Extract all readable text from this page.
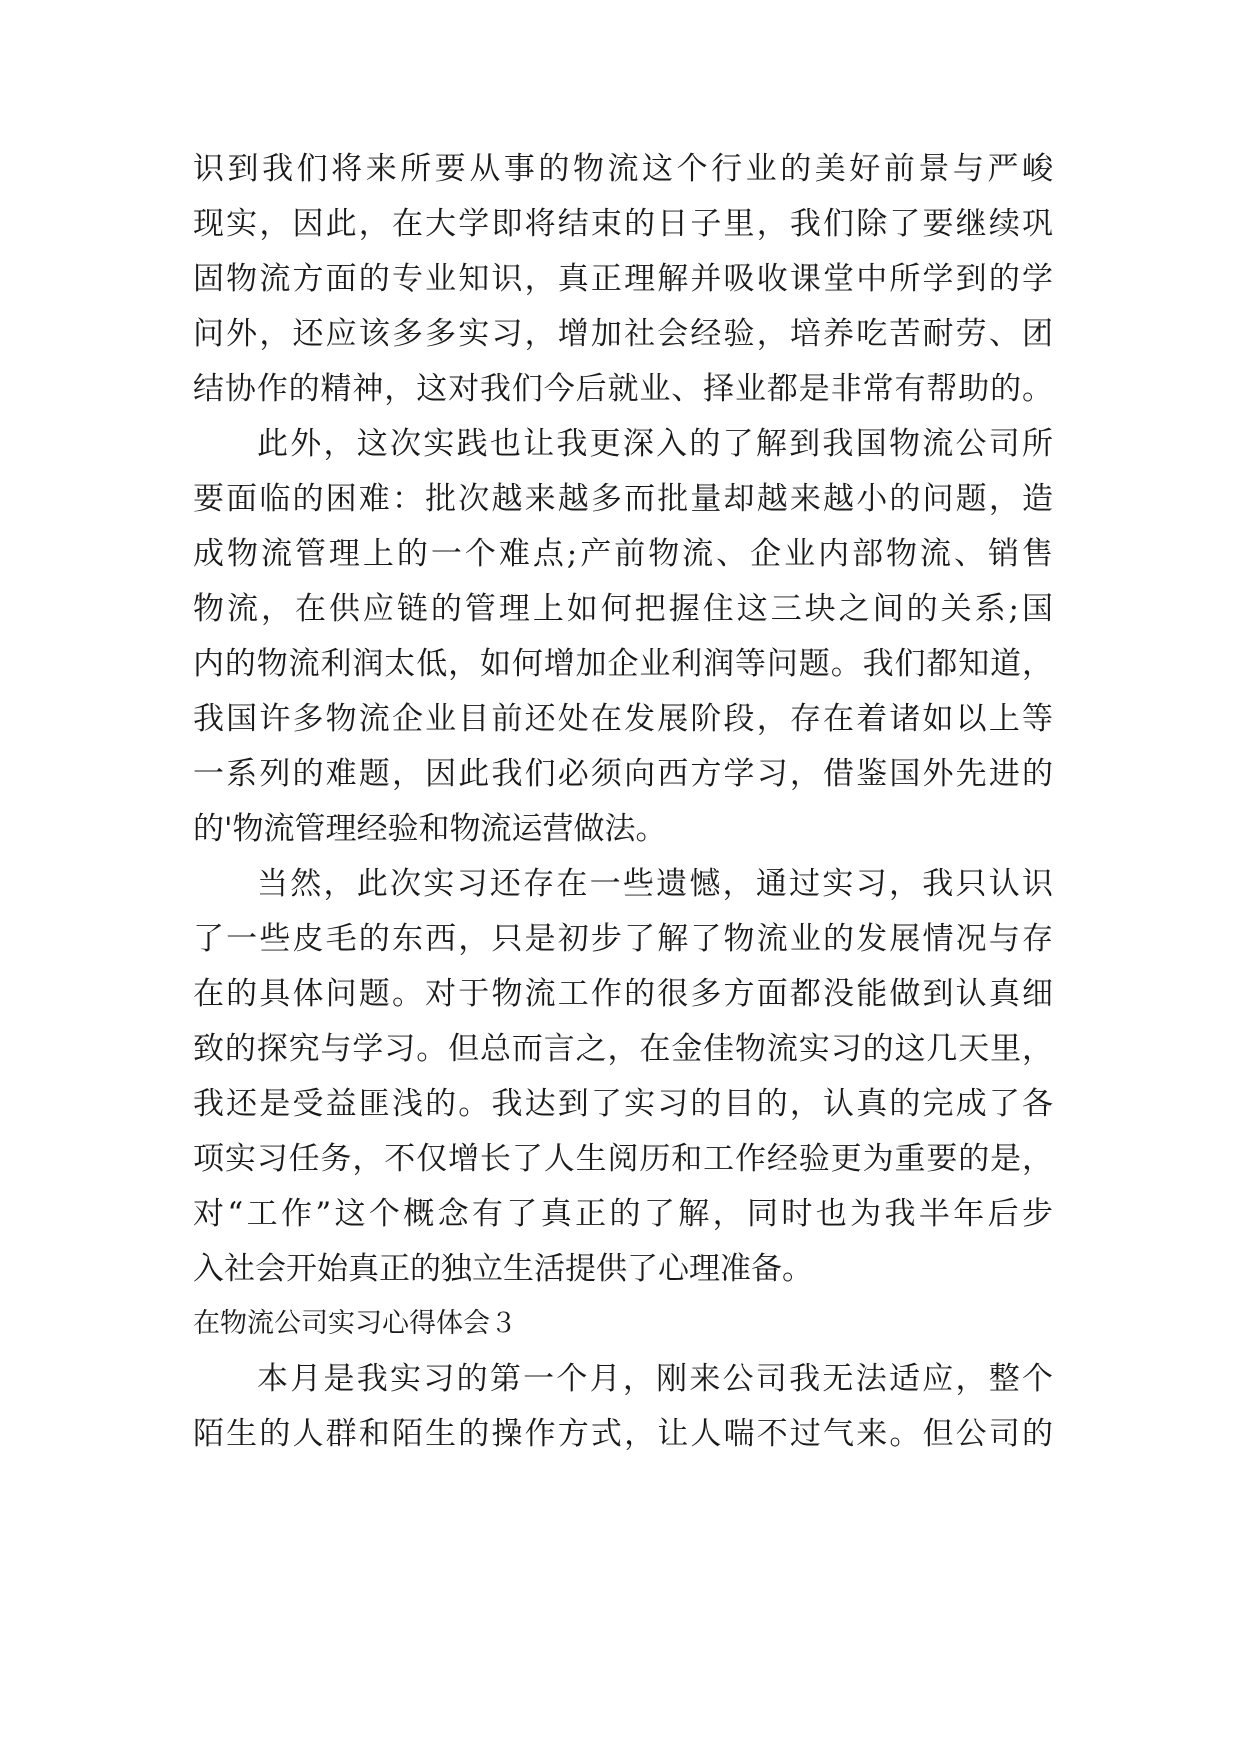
识到我们将来所要从事的物流这个行业的美好前景与严峻
现实，因此，在大学即将结束的日子里，我们除了要继续巩
固物流方面的专业知识，真正理解并吸收课堂中所学到的学
问外，还应该多多实习，增加社会经验，培养吃苦耐劳、团
结协作的精神，这对我们今后就业、择业都是非常有帮助的。
此外，这次实践也让我更深入的了解到我国物流公司所
要面临的困难：批次越来越多而批量却越来越小的问题，造
成物流管理上的一个难点;产前物流、企业内部物流、销售
物流，在供应链的管理上如何把握住这三块之间的关系;国
内的物流利润太低，如何增加企业利润等问题。我们都知道，
我国许多物流企业目前还处在发展阶段，存在着诸如以上等
一系列的难题，因此我们必须向西方学习，借鉴国外先进的
的'物流管理经验和物流运营做法。
当然，此次实习还存在一些遗憾，通过实习，我只认识
了一些皮毛的东西，只是初步了解了物流业的发展情况与存
在的具体问题。对于物流工作的很多方面都没能做到认真细
致的探究与学习。但总而言之，在金佳物流实习的这几天里，
我还是受益匪浅的。我达到了实习的目的，认真的完成了各
项实习任务，不仅增长了人生阅历和工作经验更为重要的是，
对“工作”这个概念有了真正的了解，同时也为我半年后步
入社会开始真正的独立生活提供了心理准备。
在物流公司实习心得体会３
本月是我实习的第一个月，刚来公司我无法适应，整个
陌生的人群和陌生的操作方式，让人喘不过气来。但公司的
